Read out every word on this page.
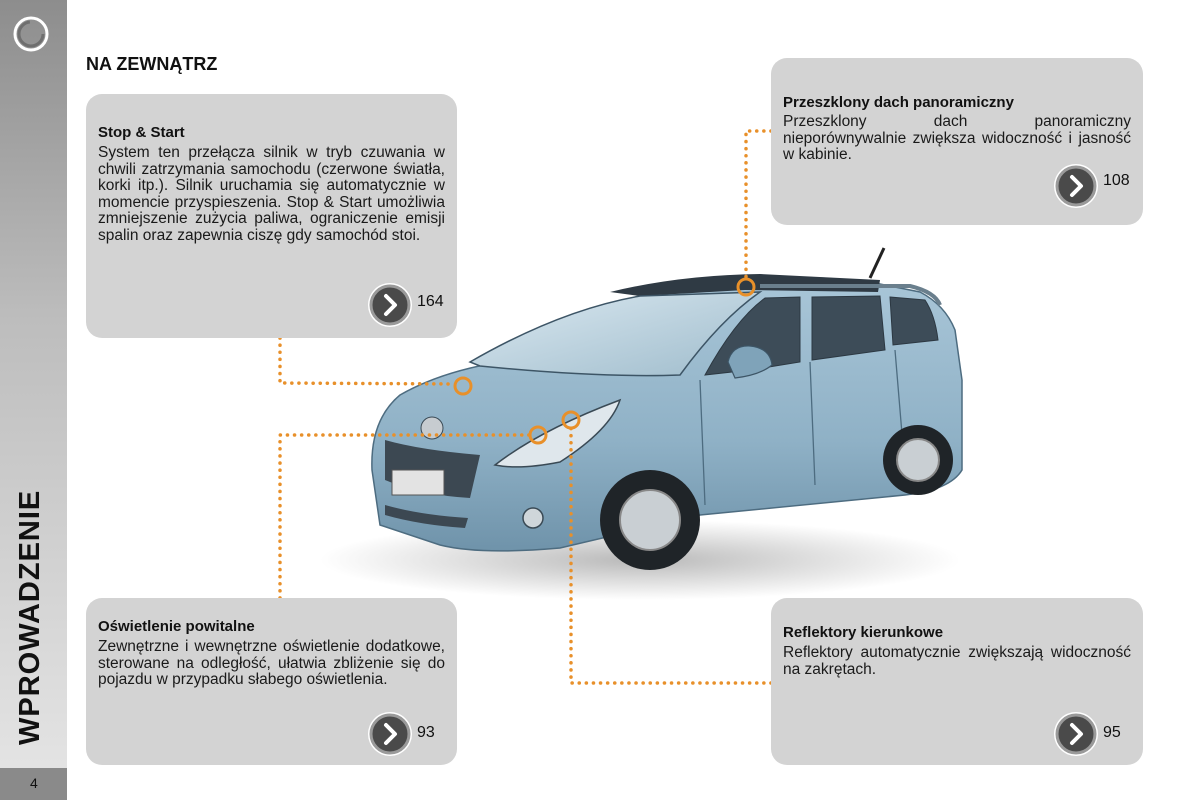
WPROWADZENIE
4
NA ZEWNĄTRZ
Stop & Start

System ten przełącza silnik w tryb czuwania w chwili zatrzymania samochodu (czerwone światła, korki itp.). Silnik uruchamia się automatycznie w momencie przyspieszenia. Stop & Start umożliwia zmniejszenie zużycia paliwa, ograniczenie emisji spalin oraz zapewnia ciszę gdy samochód stoi.

164
Przeszklony dach panoramiczny

Przeszklony dach panoramiczny nieporównywalnie zwiększa widoczność i jasność w kabinie.

108
Oświetlenie powitalne

Zewnętrzne i wewnętrzne oświetlenie dodatkowe, sterowane na odległość, ułatwia zbliżenie się do pojazdu w przypadku słabego oświetlenia.

93
Reflektory kierunkowe

Reflektory automatycznie zwiększają widoczność na zakrętach.

95
